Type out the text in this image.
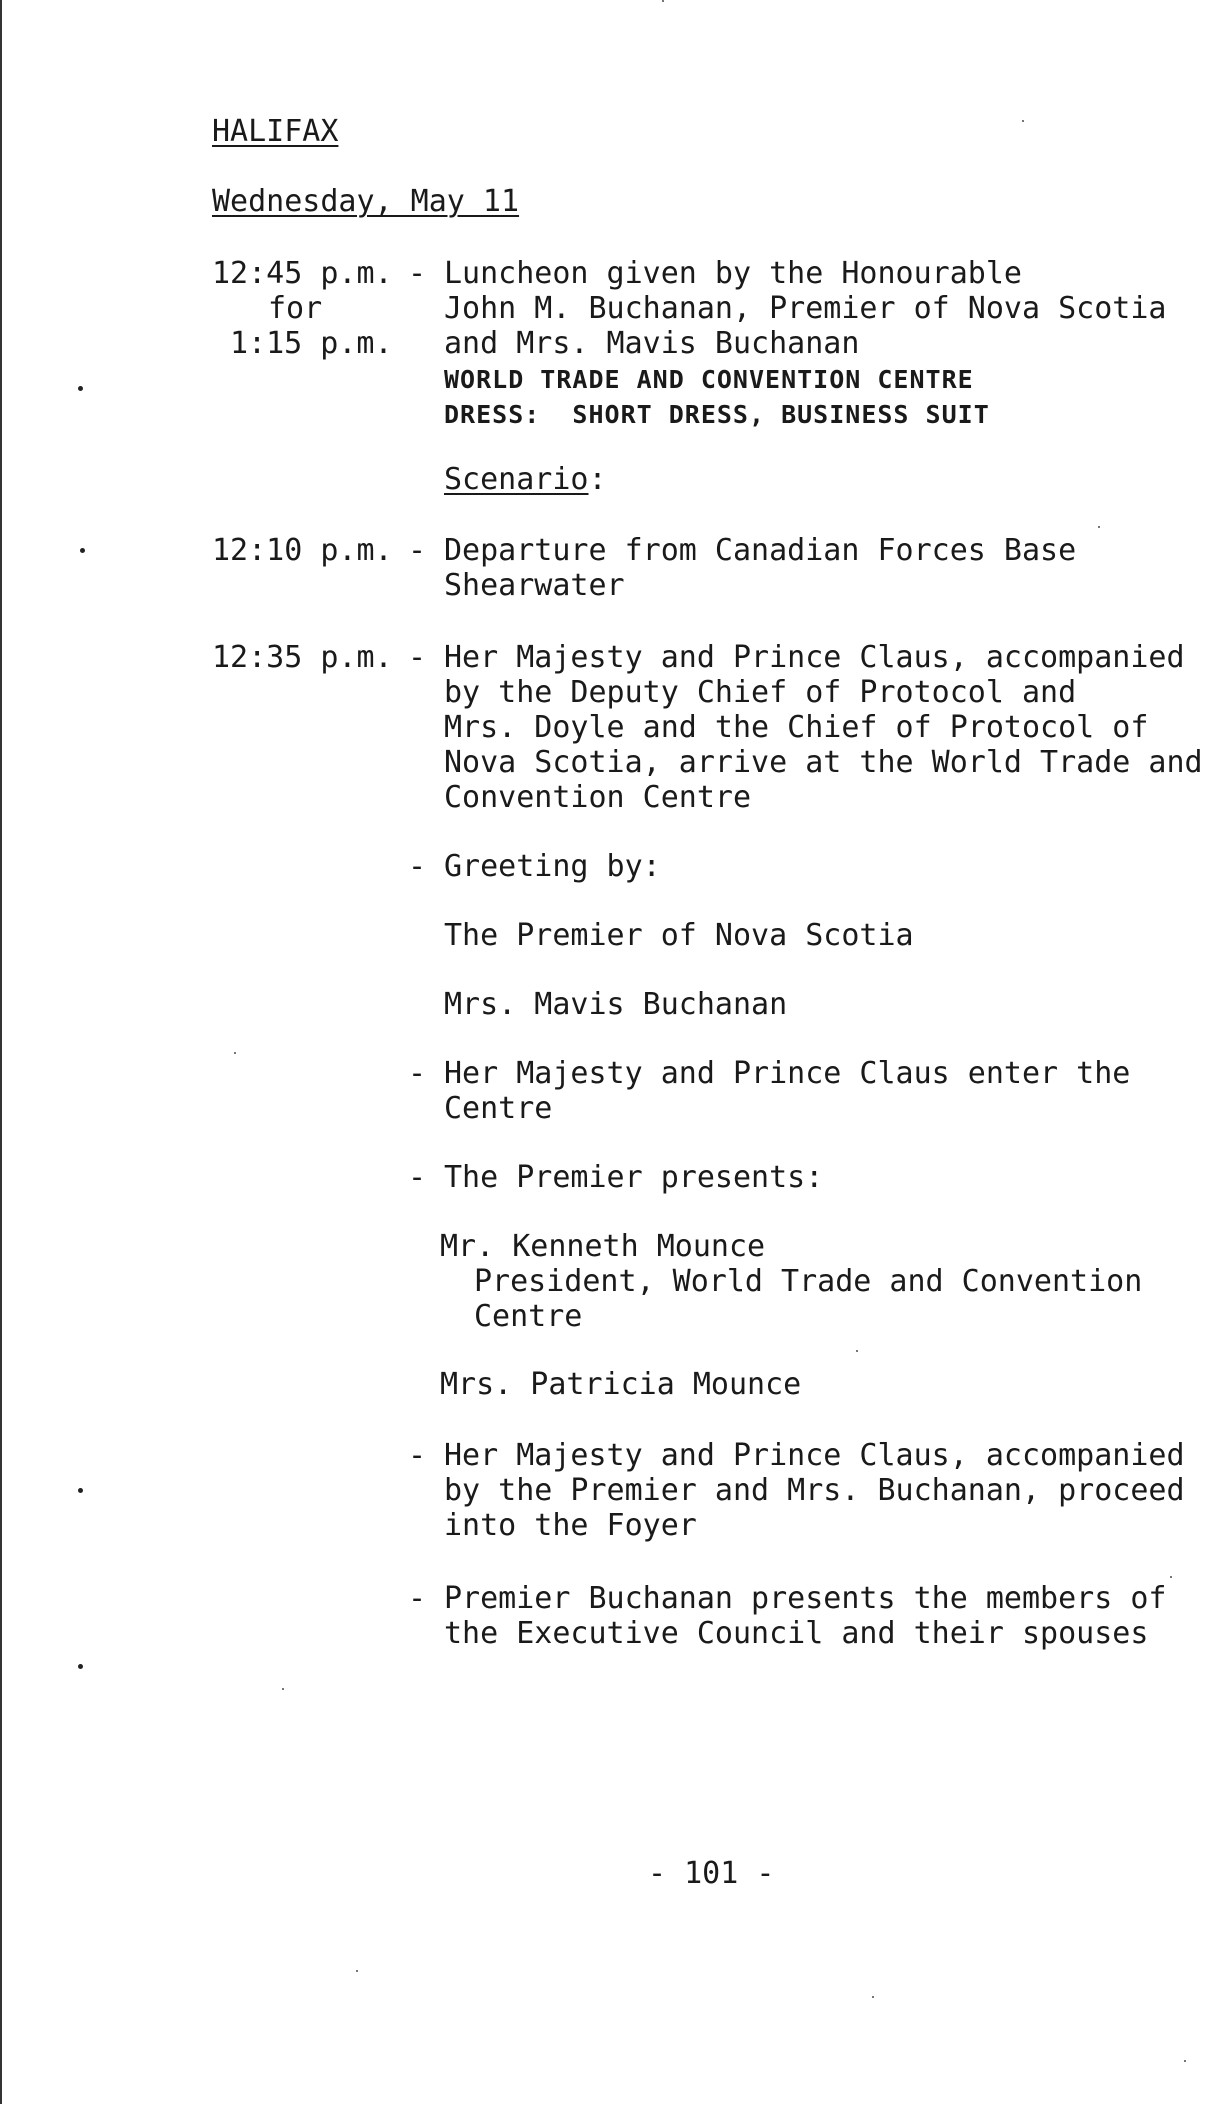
HALIFAX
Wednesday, May 11
12:45 p.m.
for
1:15 p.m.
- Luncheon given by the Honourable
John M. Buchanan, Premier of Nova Scotia
and Mrs. Mavis Buchanan
WORLD TRADE AND CONVENTION CENTRE
DRESS:  SHORT DRESS, BUSINESS SUIT
Scenario:
12:10 p.m. - Departure from Canadian Forces Base
Shearwater
12:35 p.m. - Her Majesty and Prince Claus, accompanied
by the Deputy Chief of Protocol and
Mrs. Doyle and the Chief of Protocol of
Nova Scotia, arrive at the World Trade and
Convention Centre
- Greeting by:
The Premier of Nova Scotia
Mrs. Mavis Buchanan
- Her Majesty and Prince Claus enter the
Centre
- The Premier presents:
Mr. Kenneth Mounce
President, World Trade and Convention
Centre
Mrs. Patricia Mounce
- Her Majesty and Prince Claus, accompanied
by the Premier and Mrs. Buchanan, proceed
into the Foyer
- Premier Buchanan presents the members of
the Executive Council and their spouses
- 101 -
